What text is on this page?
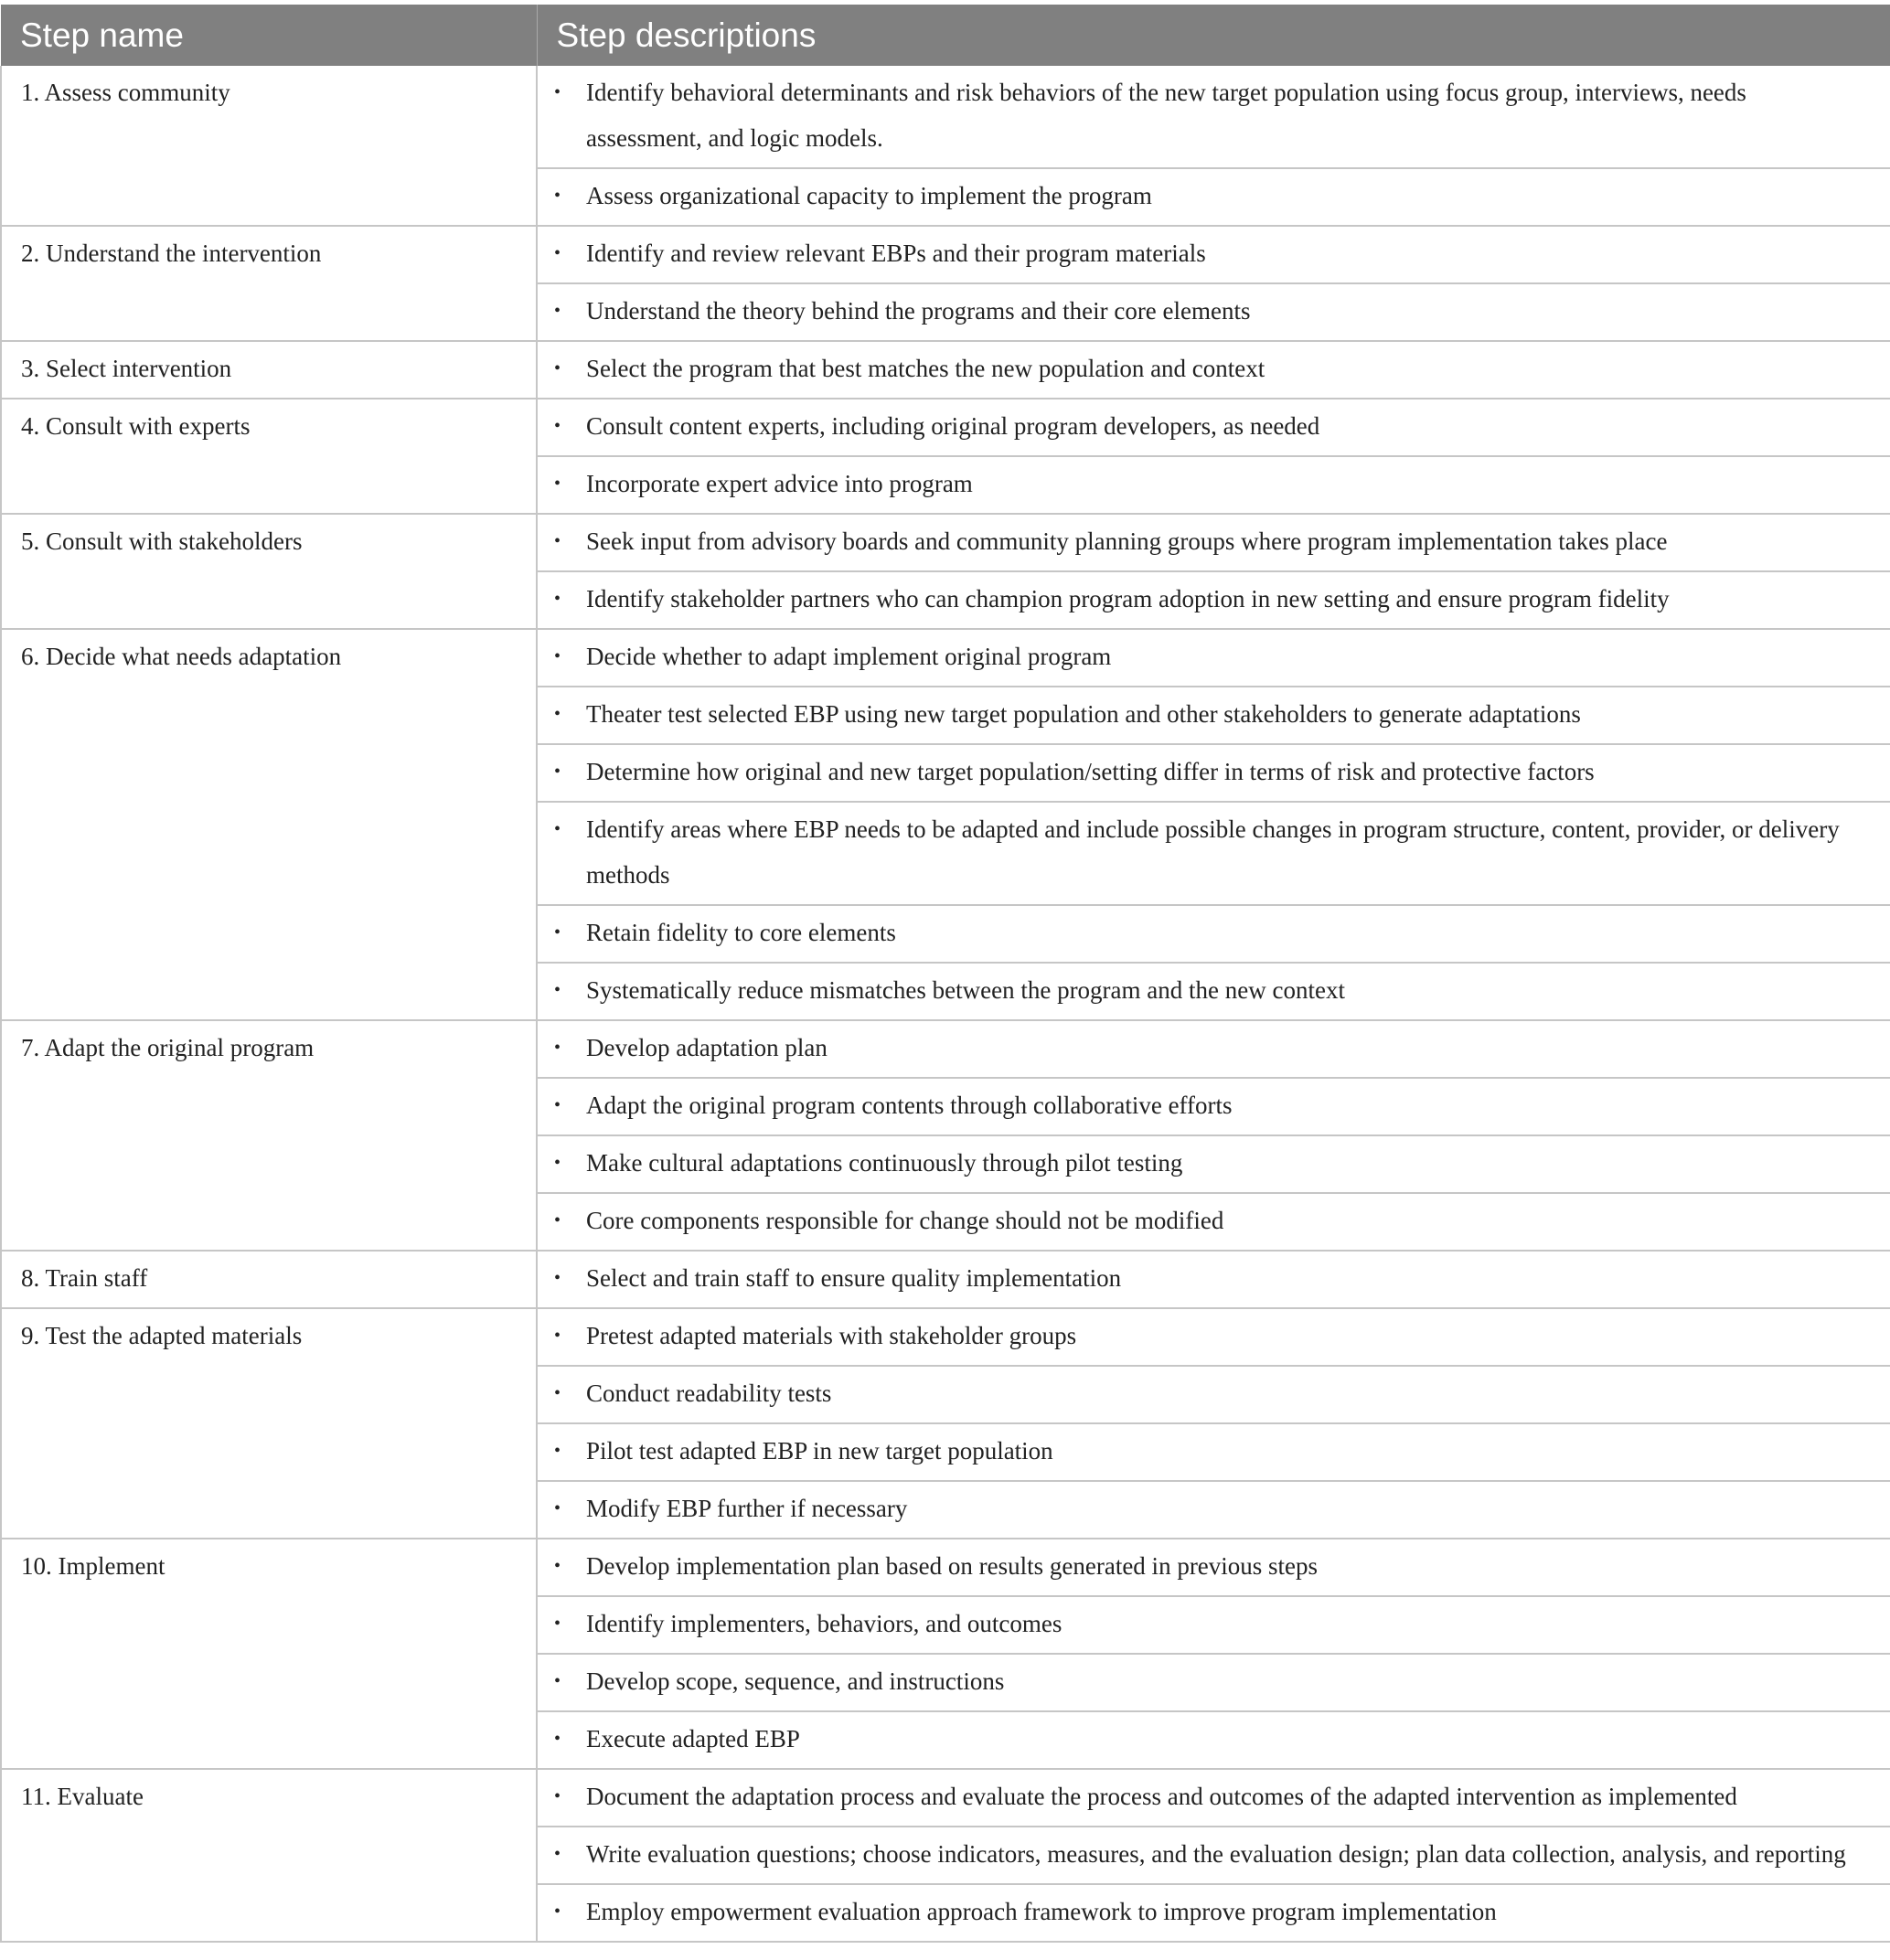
Step name	Step descriptions
1. Assess community	• Identify behavioral determinants and risk behaviors of the new target population using focus group, interviews, needs assessment, and logic models.

	• Assess organizational capacity to implement the program

2. Understand the intervention	• Identify and review relevant EBPs and their program materials

	• Understand the theory behind the programs and their core elements

3. Select intervention	• Select the program that best matches the new population and context

4. Consult with experts	• Consult content experts, including original program developers, as needed

	• Incorporate expert advice into program

5. Consult with stakeholders	• Seek input from advisory boards and community planning groups where program implementation takes place

	• Identify stakeholder partners who can champion program adoption in new setting and ensure program fidelity

6. Decide what needs adaptation	• Decide whether to adapt implement original program

	• Theater test selected EBP using new target population and other stakeholders to generate adaptations

	• Determine how original and new target population/setting differ in terms of risk and protective factors

	• Identify areas where EBP needs to be adapted and include possible changes in program structure, content, provider, or delivery methods

	• Retain fidelity to core elements

	• Systematically reduce mismatches between the program and the new context

7. Adapt the original program	• Develop adaptation plan

	• Adapt the original program contents through collaborative efforts

	• Make cultural adaptations continuously through pilot testing

	• Core components responsible for change should not be modified

8. Train staff	• Select and train staff to ensure quality implementation

9. Test the adapted materials	• Pretest adapted materials with stakeholder groups

	• Conduct readability tests

	• Pilot test adapted EBP in new target population

	• Modify EBP further if necessary

10. Implement	• Develop implementation plan based on results generated in previous steps

	• Identify implementers, behaviors, and outcomes

	• Develop scope, sequence, and instructions

	• Execute adapted EBP

11. Evaluate	• Document the adaptation process and evaluate the process and outcomes of the adapted intervention as implemented

	• Write evaluation questions; choose indicators, measures, and the evaluation design; plan data collection, analysis, and reporting

	• Employ empowerment evaluation approach framework to improve program implementation
